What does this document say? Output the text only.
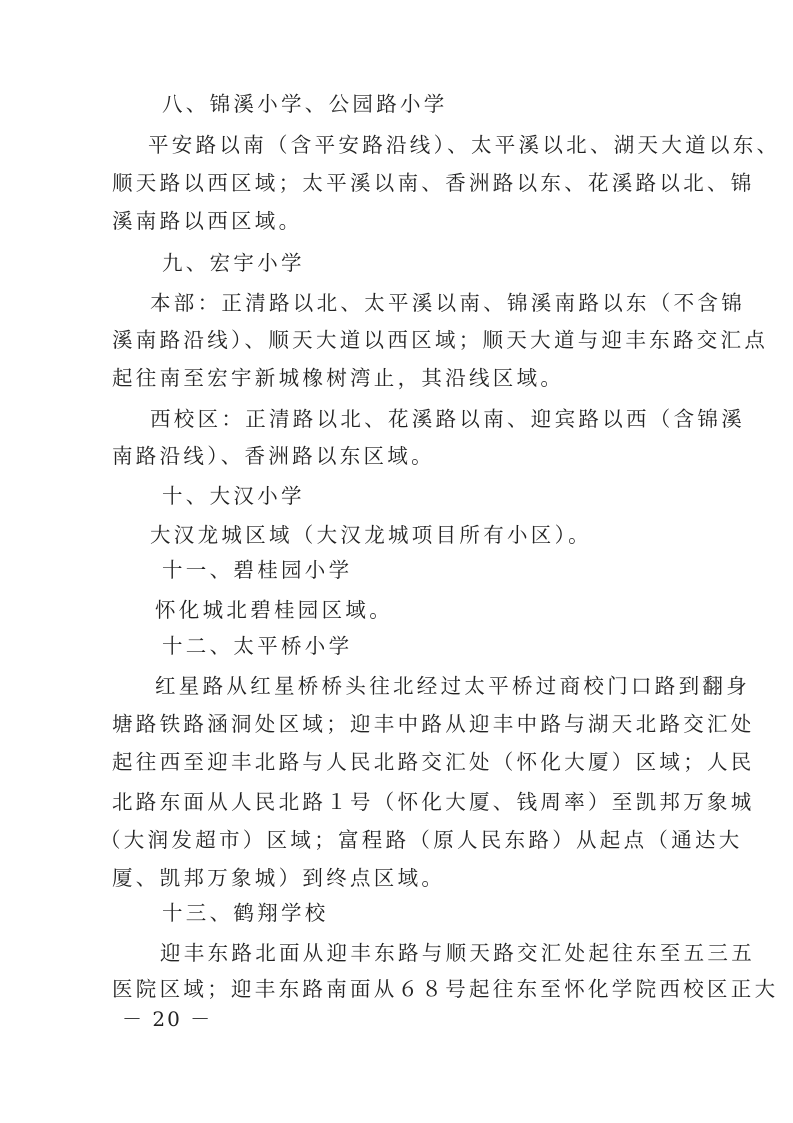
八、锦溪小学、公园路小学
平安路以南（含平安路沿线）、太平溪以北、湖天大道以东、
顺天路以西区域；太平溪以南、香洲路以东、花溪路以北、锦
溪南路以西区域。
九、宏宇小学
本部：正清路以北、太平溪以南、锦溪南路以东（不含锦
溪南路沿线）、顺天大道以西区域；顺天大道与迎丰东路交汇点
起往南至宏宇新城橡树湾止，其沿线区域。
西校区：正清路以北、花溪路以南、迎宾路以西（含锦溪
南路沿线）、香洲路以东区域。
十、大汉小学
大汉龙城区域（大汉龙城项目所有小区）。
十一、碧桂园小学
怀化城北碧桂园区域。
十二、太平桥小学
红星路从红星桥桥头往北经过太平桥过商校门口路到翻身
塘路铁路涵洞处区域；迎丰中路从迎丰中路与湖天北路交汇处
起往西至迎丰北路与人民北路交汇处（怀化大厦）区域；人民
北路东面从人民北路１号（怀化大厦、钱周率）至凯邦万象城
（大润发超市）区域；富程路（原人民东路）从起点（通达大
厦、凯邦万象城）到终点区域。
十三、鹤翔学校
迎丰东路北面从迎丰东路与顺天路交汇处起往东至五三五
医院区域；迎丰东路南面从６８号起往东至怀化学院西校区正大
－ 20 －
